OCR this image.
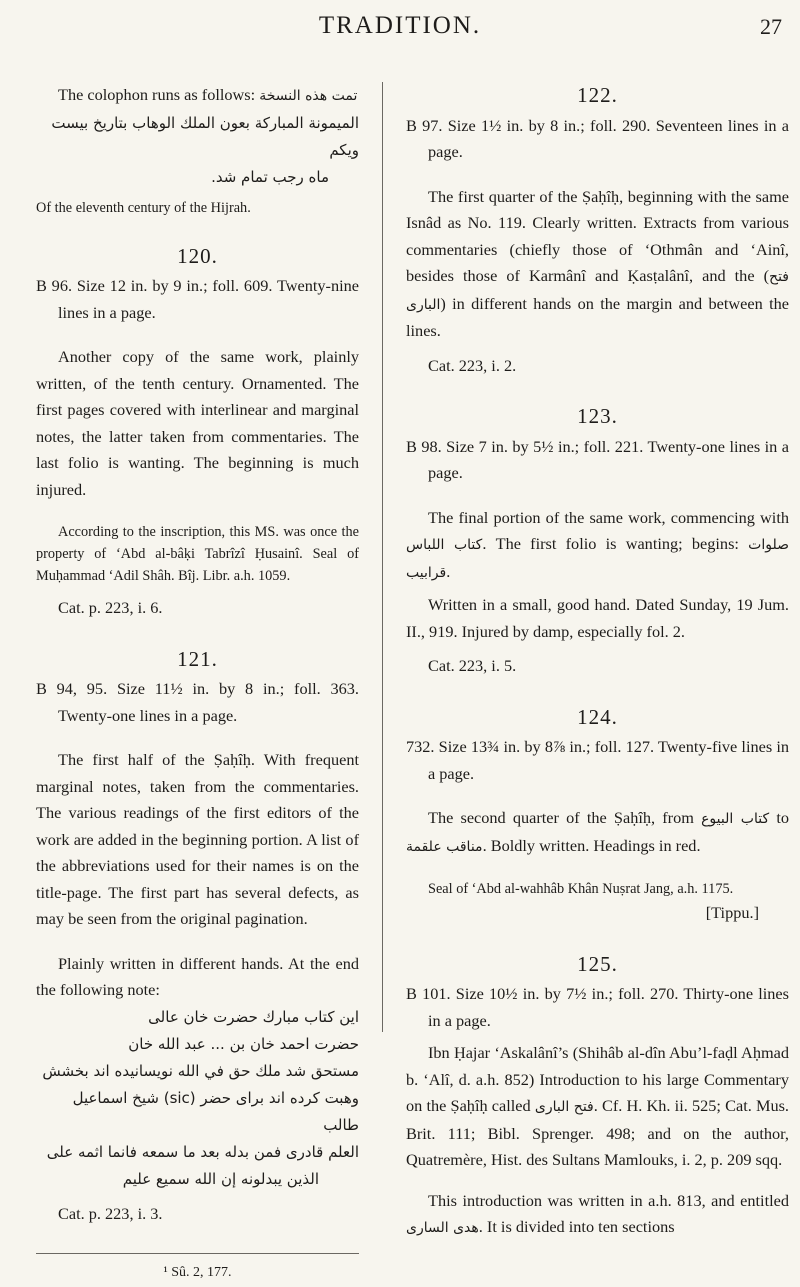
TRADITION.	27

The colophon runs as follows: تمت هذه النسخة

الميمونة المباركة بعون الملك الوهاب بتاريخ بيست ويكم

ماه رجب تمام شد.

Of the eleventh century of the Hijrah.

120.

B 96. Size 12 in. by 9 in.; foll. 609. Twenty-nine lines in a page.

Another copy of the same work, plainly written, of the tenth century. Ornamented. The first pages covered with interlinear and marginal notes, the latter taken from commentaries. The last folio is wanting. The beginning is much injured.

According to the inscription, this MS. was once the property of ‘Abd al-bâḳi Tabrîzî Ḥusainî. Seal of Muḥammad ‘Adil Shâh. Bîj. Libr. a.h. 1059.

Cat. p. 223, i. 6.

121.

B 94, 95. Size 11½ in. by 8 in.; foll. 363. Twenty-one lines in a page.

The first half of the Ṣaḥîḥ. With frequent marginal notes, taken from the commentaries. The various readings of the first editors of the work are added in the beginning portion. A list of the abbreviations used for their names is on the title-page. The first part has several defects, as may be seen from the original pagination.

Plainly written in different hands. At the end the following note:

اين كتاب مبارك حضرت خان عالى

حضرت احمد خان بن ... عبد الله خان

مستحق شد ملك حق في الله نويسانيده اند بخشش

وهبت كرده اند براى حضر (sic) شيخ اسماعيل طالب

العلم قادرى فمن بدله بعد ما سمعه فانما اثمه على

الذين يبدلونه إن الله سميع عليم

Cat. p. 223, i. 3.

¹ Sû. 2, 177.

122.

B 97. Size 1½ in. by 8 in.; foll. 290. Seventeen lines in a page.

The first quarter of the Ṣaḥîḥ, beginning with the same Isnâd as No. 119. Clearly written. Extracts from various commentaries (chiefly those of ‘Othmân and ‘Ainî, besides those of Karmânî and Ḳasṭalânî, and the (فتح البارى) in different hands on the margin and between the lines.

Cat. 223, i. 2.

123.

B 98. Size 7 in. by 5½ in.; foll. 221. Twenty-one lines in a page.

The final portion of the same work, commencing with كتاب اللباس. The first folio is wanting; begins: صلوات قرابيب.

Written in a small, good hand. Dated Sunday, 19 Jum. II., 919. Injured by damp, especially fol. 2.

Cat. 223, i. 5.

124.

732. Size 13¾ in. by 8⅞ in.; foll. 127. Twenty-five lines in a page.

The second quarter of the Ṣaḥîḥ, from كتاب البيوع to مناقب علقمة. Boldly written. Headings in red.

Seal of ‘Abd al-wahhâb Khân Nuṣrat Jang, a.h. 1175.

[Tippu.]

125.

B 101. Size 10½ in. by 7½ in.; foll. 270. Thirty-one lines in a page.

Ibn Ḥajar ‘Askalânî’s (Shihâb al-dîn Abu’l-faḍl Aḥmad b. ‘Alî, d. a.h. 852) Introduction to his large Commentary on the Ṣaḥîḥ called فتح البارى. Cf. H. Kh. ii. 525; Cat. Mus. Brit. 111; Bibl. Sprenger. 498; and on the author, Quatremère, Hist. des Sultans Mamlouks, i. 2, p. 209 sqq.

This introduction was written in a.h. 813, and entitled هدى السارى. It is divided into ten sections
